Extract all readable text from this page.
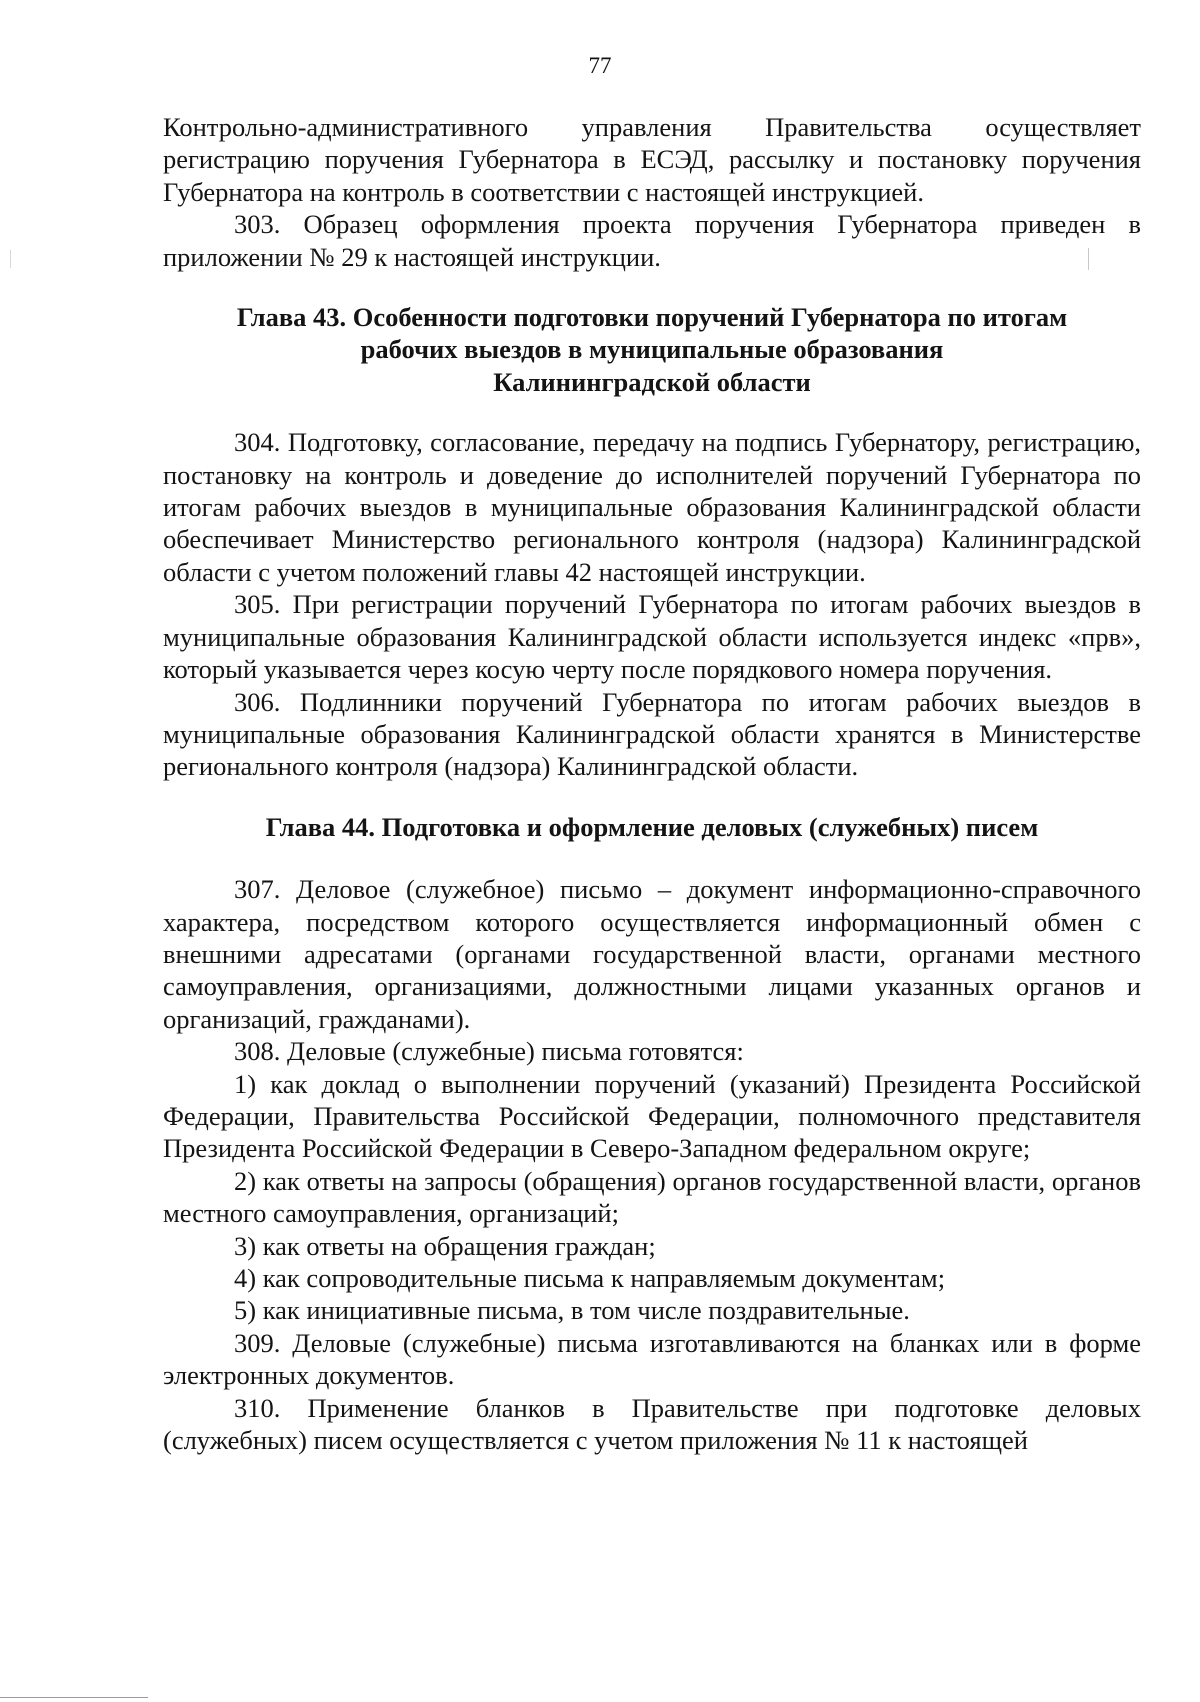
77

Контрольно-административного управления Правительства осуществляет регистрацию поручения Губернатора в ЕСЭД, рассылку и постановку поручения Губернатора на контроль в соответствии с настоящей инструкцией.

303. Образец оформления проекта поручения Губернатора приведен в приложении № 29 к настоящей инструкции.

Глава 43. Особенности подготовки поручений Губернатора по итогам
рабочих выездов в муниципальные образования
Калининградской области

304. Подготовку, согласование, передачу на подпись Губернатору, регистрацию, постановку на контроль и доведение до исполнителей поручений Губернатора по итогам рабочих выездов в муниципальные образования Калининградской области обеспечивает Министерство регионального контроля (надзора) Калининградской области с учетом положений главы 42 настоящей инструкции.

305. При регистрации поручений Губернатора по итогам рабочих выездов в муниципальные образования Калининградской области используется индекс «прв», который указывается через косую черту после порядкового номера поручения.

306. Подлинники поручений Губернатора по итогам рабочих выездов в муниципальные образования Калининградской области хранятся в Министерстве регионального контроля (надзора) Калининградской области.

Глава 44. Подготовка и оформление деловых (служебных) писем

307. Деловое (служебное) письмо – документ информационно-справочного характера, посредством которого осуществляется информационный обмен с внешними адресатами (органами государственной власти, органами местного самоуправления, организациями, должностными лицами указанных органов и организаций, гражданами).

308. Деловые (служебные) письма готовятся:

1) как доклад о выполнении поручений (указаний) Президента Российской Федерации, Правительства Российской Федерации, полномочного представителя Президента Российской Федерации в Северо-Западном федеральном округе;

2) как ответы на запросы (обращения) органов государственной власти, органов местного самоуправления, организаций;

3) как ответы на обращения граждан;

4) как сопроводительные письма к направляемым документам;

5) как инициативные письма, в том числе поздравительные.

309. Деловые (служебные) письма изготавливаются на бланках или в форме электронных документов.

310. Применение бланков в Правительстве при подготовке деловых (служебных) писем осуществляется с учетом приложения № 11 к настоящей
